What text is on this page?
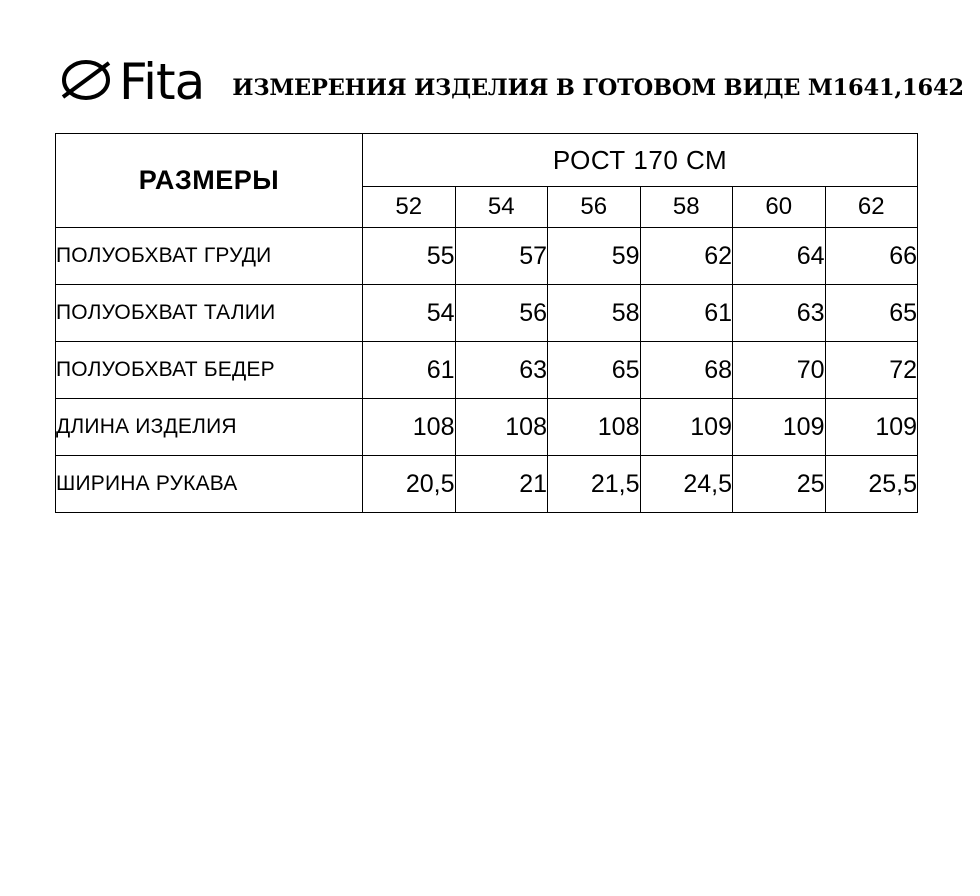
Fita ИЗМЕРЕНИЯ ИЗДЕЛИЯ В ГОТОВОМ ВИДЕ М1641,1642
РАЗМЕРЫ	РОСТ 170 СМ					
	52	54	56	58	60	62
ПОЛУОБХВАТ ГРУДИ	55	57	59	62	64	66
ПОЛУОБХВАТ ТАЛИИ	54	56	58	61	63	65
ПОЛУОБХВАТ БЕДЕР	61	63	65	68	70	72
ДЛИНА ИЗДЕЛИЯ	108	108	108	109	109	109
ШИРИНА РУКАВА	20,5	21	21,5	24,5	25	25,5
